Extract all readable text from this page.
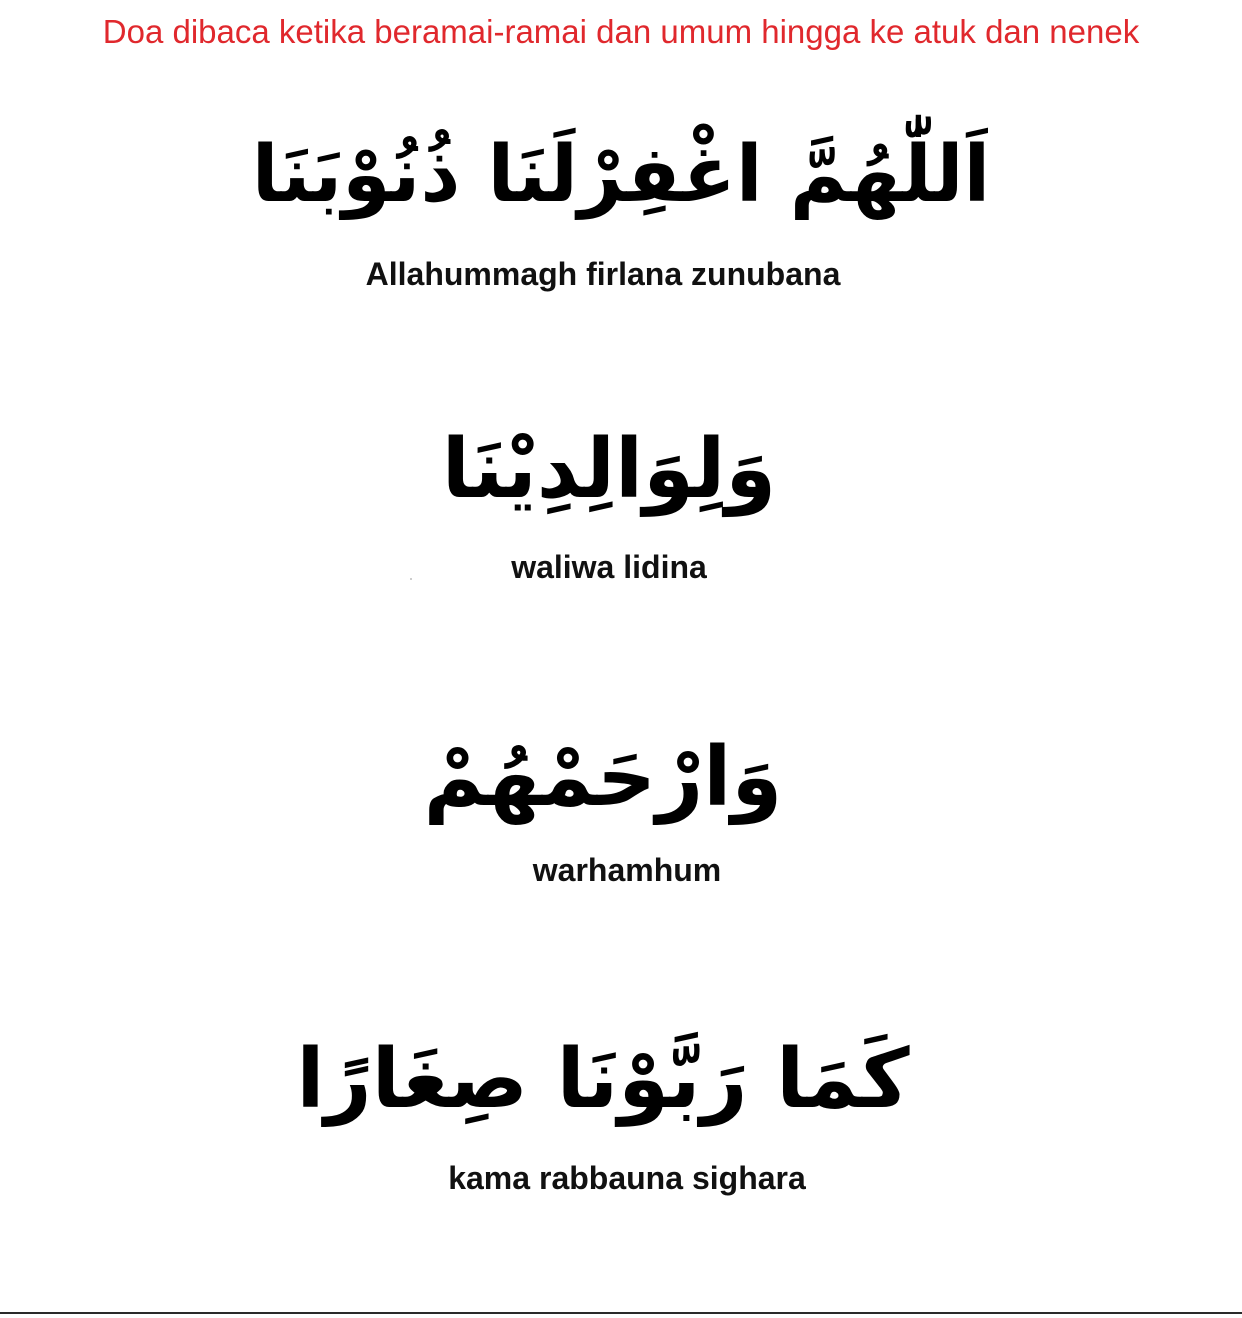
Doa dibaca ketika beramai-ramai dan umum hingga ke atuk dan nenek
اَللّٰهُمَّ اغْفِرْلَنَا ذُنُوْبَنَا
Allahummagh firlana zunubana
وَلِوَالِدِيْنَا
waliwa lidina
وَارْحَمْهُمْ
warhamhum
كَمَا رَبَّوْنَا صِغَارًا
kama rabbauna sighara
